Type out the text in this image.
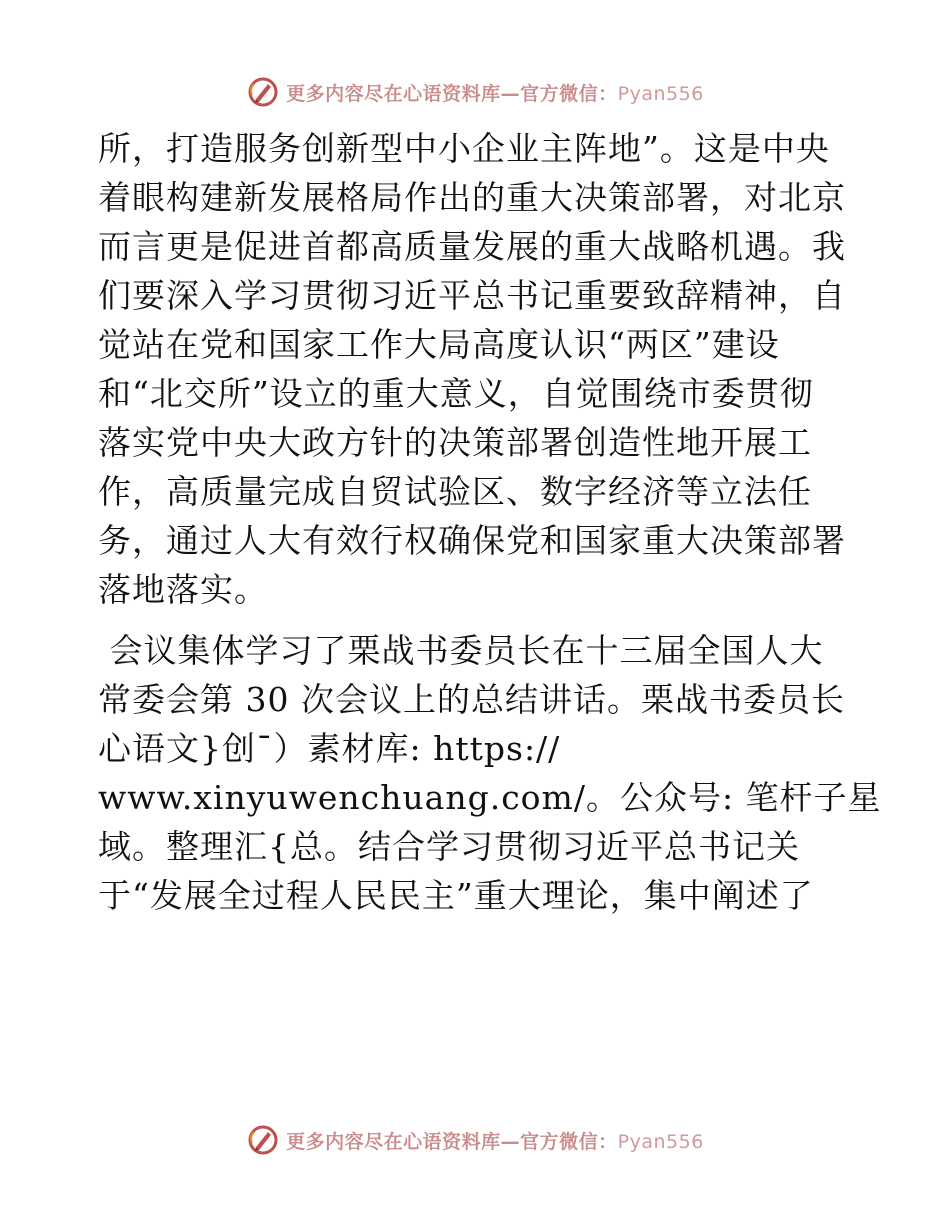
更多内容尽在心语资料库—官方微信：Pyan556
所，打造服务创新型中小企业主阵地”。这是中央
着眼构建新发展格局作出的重大决策部署，对北京
而言更是促进首都高质量发展的重大战略机遇。我
们要深入学习贯彻习近平总书记重要致辞精神，自
觉站在党和国家工作大局高度认识“两区”建设
和“北交所”设立的重大意义，自觉围绕市委贯彻
落实党中央大政方针的决策部署创造性地开展工
作，高质量完成自贸试验区、数字经济等立法任
务，通过人大有效行权确保党和国家重大决策部署
落地落实。
会议集体学习了栗战书委员长在十三届全国人大
常委会第 30 次会议上的总结讲话。栗战书委员长
心语文}创¯）素材库: https://
www.xinyuwenchuang.com/。公众号: 笔杆子星
域。整理汇{总。结合学习贯彻习近平总书记关
于“发展全过程人民民主”重大理论，集中阐述了
更多内容尽在心语资料库—官方微信：Pyan556
